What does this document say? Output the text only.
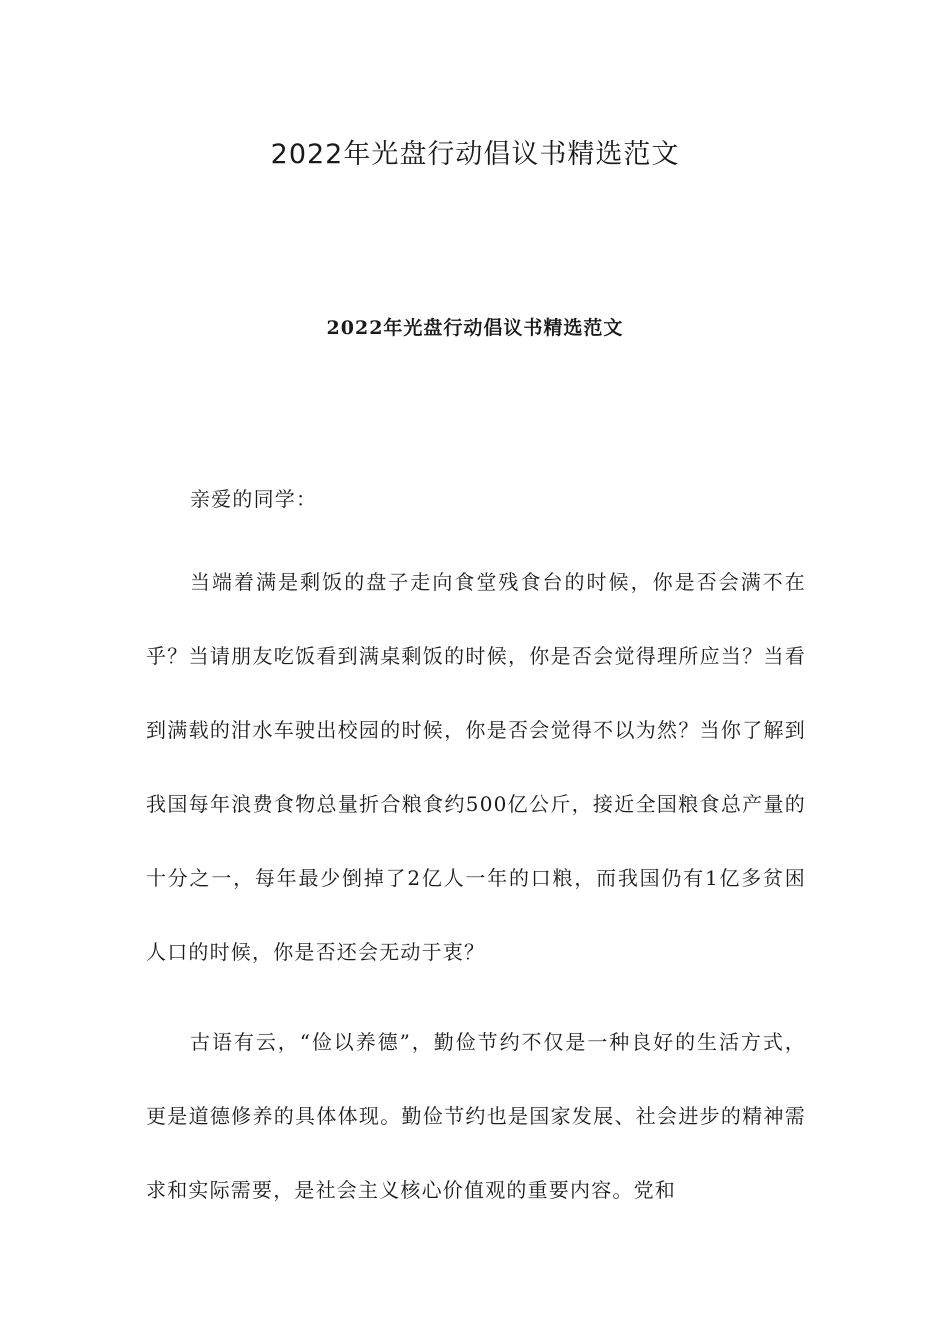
2022年光盘行动倡议书精选范文
2022年光盘行动倡议书精选范文

亲爱的同学：

当端着满是剩饭的盘子走向食堂残食台的时候，你是否会满不在乎？当请朋友吃饭看到满桌剩饭的时候，你是否会觉得理所应当？当看到满载的泔水车驶出校园的时候，你是否会觉得不以为然？当你了解到我国每年浪费食物总量折合粮食约500亿公斤，接近全国粮食总产量的十分之一，每年最少倒掉了2亿人一年的口粮，而我国仍有1亿多贫困人口的时候，你是否还会无动于衷？

古语有云，“俭以养德”，勤俭节约不仅是一种良好的生活方式，更是道德修养的具体体现。勤俭节约也是国家发展、社会进步的精神需求和实际需要，是社会主义核心价值观的重要内容。党和
